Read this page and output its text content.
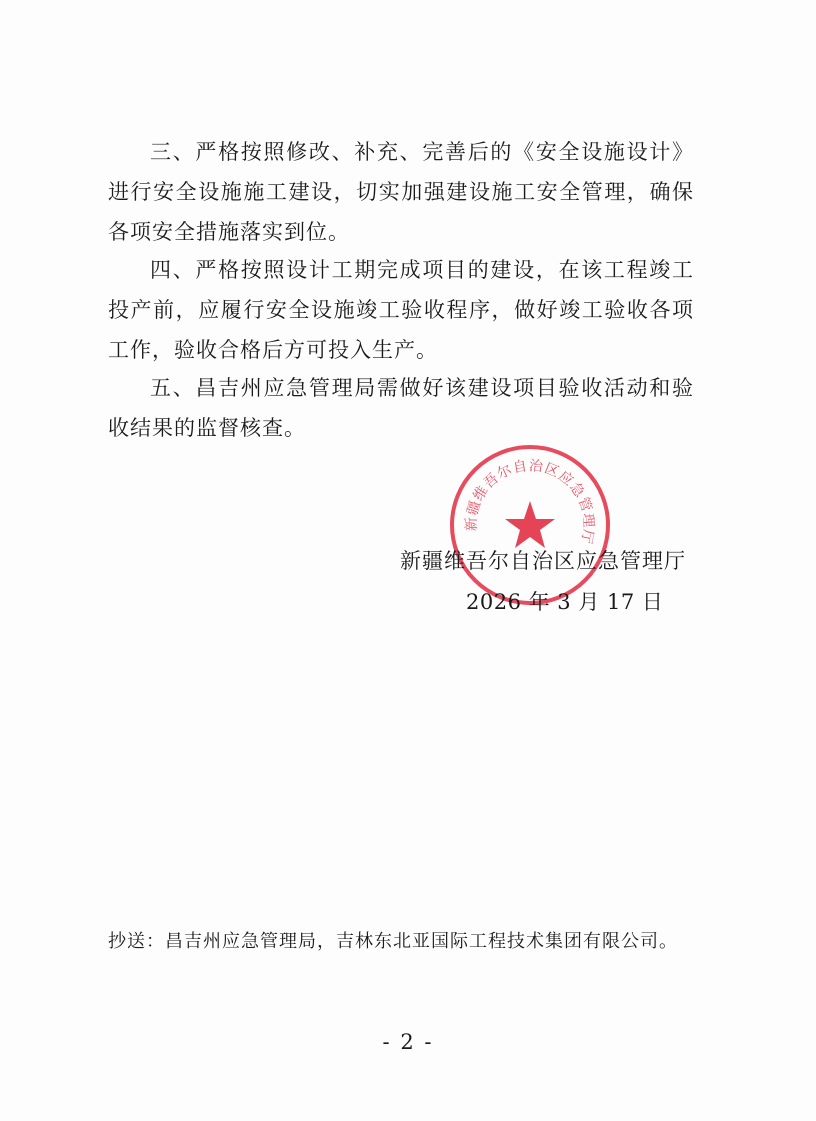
三、严格按照修改、补充、完善后的《安全设施设计》进行安全设施施工建设，切实加强建设施工安全管理，确保各项安全措施落实到位。

四、严格按照设计工期完成项目的建设，在该工程竣工投产前，应履行安全设施竣工验收程序，做好竣工验收各项工作，验收合格后方可投入生产。

五、昌吉州应急管理局需做好该建设项目验收活动和验收结果的监督核查。

新疆维吾尔自治区应急管理厅
新疆维吾尔自治区应急管理厅
2026 年 3 月 17 日
抄送：昌吉州应急管理局，吉林东北亚国际工程技术集团有限公司。
- 2 -
